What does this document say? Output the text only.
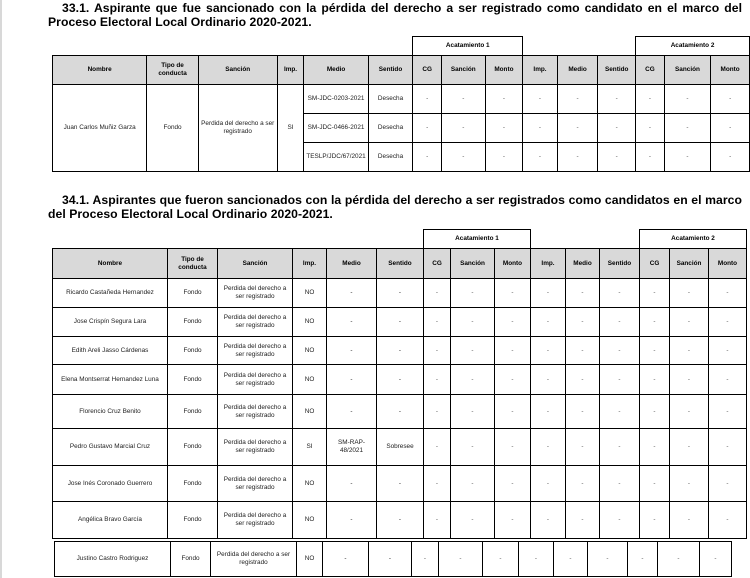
33.1. Aspirante que fue sancionado con la pérdida del derecho a ser registrado como candidato en el marco del Proceso Electoral Local Ordinario 2020-2021.
						Acatamiento 1						Acatamiento 2		
Nombre	Tipo de conducta	Sanción	Imp.	Medio	Sentido	CG	Sanción	Monto	Imp.	Medio	Sentido	CG	Sanción	Monto
Juan Carlos Muñiz Garza	Fondo	Perdida del derecho a ser registrado	SI	SM-JDC-0203-2021	Desecha	-	-	-	-	-	-	-	-	-
				SM-JDC-0466-2021	Desecha	-	-	-	-	-	-	-	-	-
				TESLP/JDC/67/2021	Desecha	-	-	-	-	-	-	-	-	-
34.1. Aspirantes que fueron sancionados con la pérdida del derecho a ser registrados como candidatos en el marco del Proceso Electoral Local Ordinario 2020-2021.
						Acatamiento 1						Acatamiento 2		
Nombre	Tipo de conducta	Sanción	Imp.	Medio	Sentido	CG	Sanción	Monto	Imp.	Medio	Sentido	CG	Sanción	Monto
Ricardo Castañeda Hernandez	Fondo	Perdida del derecho a ser registrado	NO	-	-	-	-	-	-	-	-	-	-	-
Jose Crispín Segura Lara	Fondo	Perdida del derecho a ser registrado	NO	-	-	-	-	-	-	-	-	-	-	-
Edith Areli Jasso Cárdenas	Fondo	Perdida del derecho a ser registrado	NO	-	-	-	-	-	-	-	-	-	-	-
Elena Montserrat Hernandez Luna	Fondo	Perdida del derecho a ser registrado	NO	-	-	-	-	-	-	-	-	-	-	-
Florencio Cruz Benito	Fondo	Perdida del derecho a ser registrado	NO	-	-	-	-	-	-	-	-	-	-	-
Pedro Gustavo Marcial Cruz	Fondo	Perdida del derecho a ser registrado	SI	SM-RAP-48/2021	Sobresee	-	-	-	-	-	-	-	-	-
Jose Inés Coronado Guerrero	Fondo	Perdida del derecho a ser registrado	NO	-	-	-	-	-	-	-	-	-	-	-
Angélica Bravo García	Fondo	Perdida del derecho a ser registrado	NO	-	-	-	-	-	-	-	-	-	-	-
Justino Castro Rodriguez	Fondo	Perdida del derecho a ser registrado	NO	-	-	-	-	-	-	-	-	-	-	-
